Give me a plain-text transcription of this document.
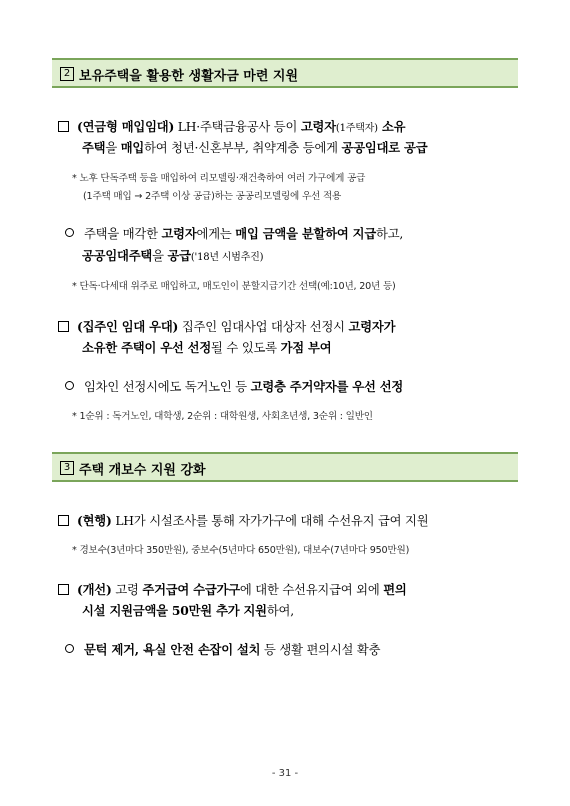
2 보유주택을 활용한 생활자금 마련 지원
(연금형 매입임대) LH·주택금융공사 등이 고령자(1주택자) 소유
주택을 매입하여 청년·신혼부부, 취약계층 등에게 공공임대로 공급
* 노후 단독주택 등을 매입하여 리모델링·재건축하여 여러 가구에게 공급
(1주택 매입 → 2주택 이상 공급)하는 공공리모델링에 우선 적용
주택을 매각한 고령자에게는 매입 금액을 분할하여 지급하고,
공공임대주택을 공급('18년 시범추진)
* 단독·다세대 위주로 매입하고, 매도인이 분할지급기간 선택(예:10년, 20년 등)
(집주인 임대 우대) 집주인 임대사업 대상자 선정시 고령자가
소유한 주택이 우선 선정될 수 있도록 가점 부여
임차인 선정시에도 독거노인 등 고령층 주거약자를 우선 선정
* 1순위 : 독거노인, 대학생, 2순위 : 대학원생, 사회초년생, 3순위 : 일반인
3 주택 개보수 지원 강화
(현행) LH가 시설조사를 통해 자가가구에 대해 수선유지 급여 지원
* 경보수(3년마다 350만원), 중보수(5년마다 650만원), 대보수(7년마다 950만원)
(개선) 고령 주거급여 수급가구에 대한 수선유지급여 외에 편의
시설 지원금액을 50만원 추가 지원하여,
문턱 제거, 욕실 안전 손잡이 설치 등 생활 편의시설 확충
- 31 -
